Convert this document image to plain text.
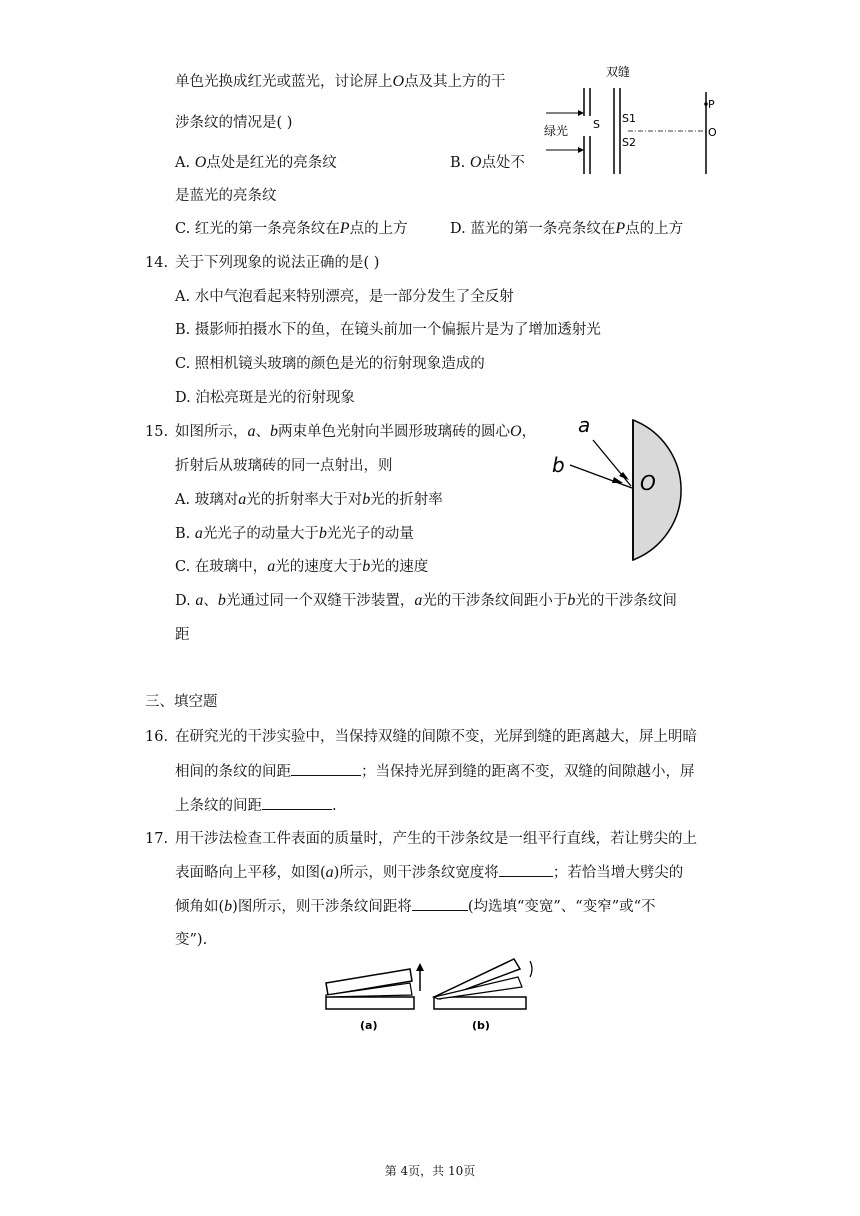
单色光换成红光或蓝光，讨论屏上O点及其上方的干
涉条纹的情况是( )
A. O点处是红光的亮条纹	B. O点处不
是蓝光的亮条纹
C. 红光的第一条亮条纹在P点的上方	D. 蓝光的第一条亮条纹在P点的上方
双缝
绿光 S S1
S2
P
O
14. 关于下列现象的说法正确的是( )
A. 水中气泡看起来特别漂亮，是一部分发生了全反射
B. 摄影师拍摄水下的鱼，在镜头前加一个偏振片是为了增加透射光
C. 照相机镜头玻璃的颜色是光的衍射现象造成的
D. 泊松亮斑是光的衍射现象
15. 如图所示，a、b两束单色光射向半圆形玻璃砖的圆心O，
折射后从玻璃砖的同一点射出，则
A. 玻璃对a光的折射率大于对b光的折射率
B. a光光子的动量大于b光光子的动量
C. 在玻璃中，a光的速度大于b光的速度
D. a、b光通过同一个双缝干涉装置，a光的干涉条纹间距小于b光的干涉条纹间
距
a
b
O
三、填空题
16. 在研究光的干涉实验中，当保持双缝的间隙不变，光屏到缝的距离越大，屏上明暗
相间的条纹的间距	；当保持光屏到缝的距离不变，双缝的间隙越小，屏
上条纹的间距	.
17. 用干涉法检查工件表面的质量时，产生的干涉条纹是一组平行直线，若让劈尖的上
表面略向上平移，如图(a)所示，则干涉条纹宽度将	；若恰当增大劈尖的
倾角如(b)图所示，则干涉条纹间距将	(均选填“变宽”、“变窄”或“不
变”).
(a)	(b)
第 4页，共 10页
